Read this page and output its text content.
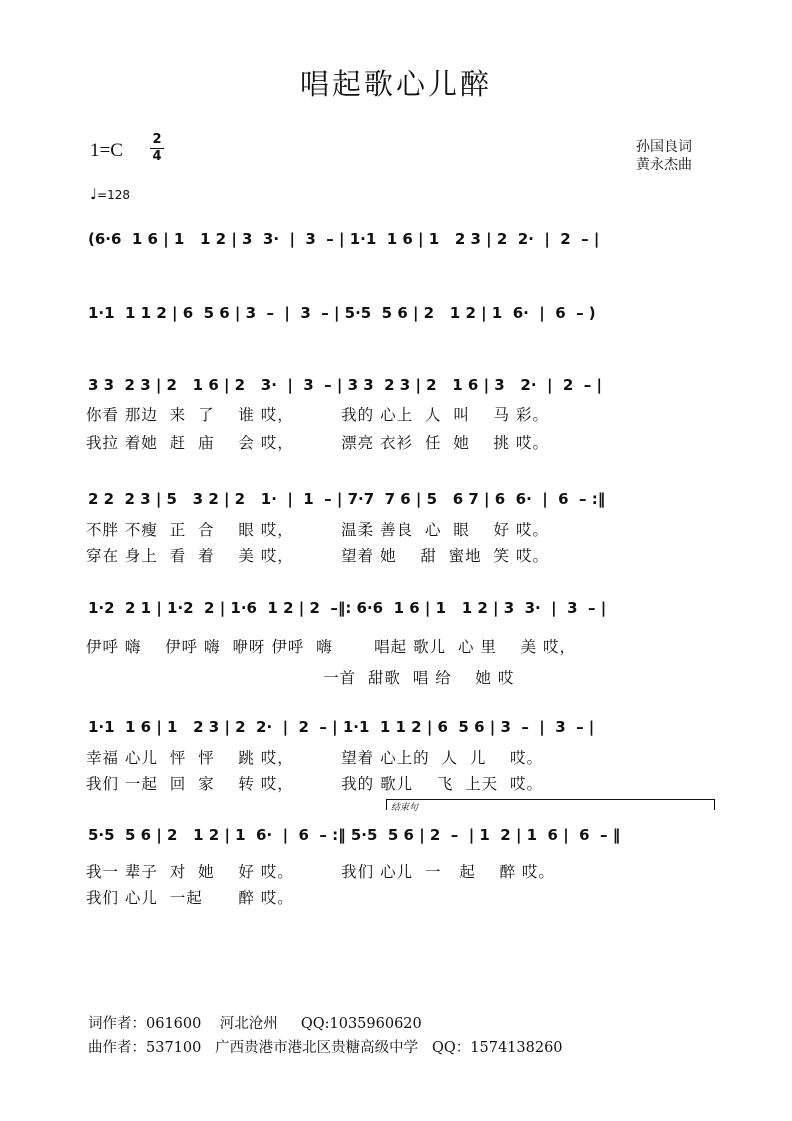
唱起歌心儿醉
1=C
2
4
♩=128
孙国良词
黄永杰曲
(6·6  1 6 | 1   1 2 | 3  3·  |  3  – | 1·1  1 6 | 1   2 3 | 2  2·  |  2  – |
1·1  1 1 2 | 6  5 6 | 3  –  |  3  – | 5·5  5 6 | 2   1 2 | 1  6·  |  6  – )
3 3  2 3 | 2   1 6 | 2   3·  |  3  – | 3 3  2 3 | 2   1 6 | 3   2·  |  2  – |
2 2  2 3 | 5   3 2 | 2   1·  |  1  – | 7·7  7 6 | 5   6 7 | 6  6·  |  6  – :‖
1·2  2 1 | 1·2  2 | 1·6  1 2 | 2  –‖: 6·6  1 6 | 1   1 2 | 3  3·  |  3  – |
1·1  1 6 | 1   2 3 | 2  2·  |  2  – | 1·1  1 1 2 | 6  5 6 | 3  –  |  3  – |
5·5  5 6 | 2   1 2 | 1  6·  |  6  – :‖ 5·5  5 6 | 2  –  | 1  2 | 1  6 |  6  – ‖
结束句
你看 那边  来  了    谁 哎，        我的 心上  人  叫    马 彩。
我拉 着她  赶  庙    会 哎，        漂亮 衣衫  任  她    挑 哎。
不胖 不瘦  正  合    眼 哎，        温柔 善良  心  眼    好 哎。
穿在 身上  看  着    美 哎，        望着 她    甜  蜜地  笑 哎。
伊呼 嗨    伊呼 嗨  咿呀 伊呼  嗨       唱起 歌儿  心 里    美 哎，
一首  甜歌  唱 给    她 哎
幸福 心儿  怦  怦    跳 哎，        望着 心上的  人  儿    哎。
我们 一起  回  家    转 哎，        我的 歌儿    飞  上天  哎。
我一 辈子  对  她    好 哎。        我们 心儿  一   起    醉 哎。
我们 心儿  一起      醉 哎。
词作者：061600    河北沧州     QQ:1035960620
曲作者：537100   广西贵港市港北区贵糖高级中学   QQ：1574138260
